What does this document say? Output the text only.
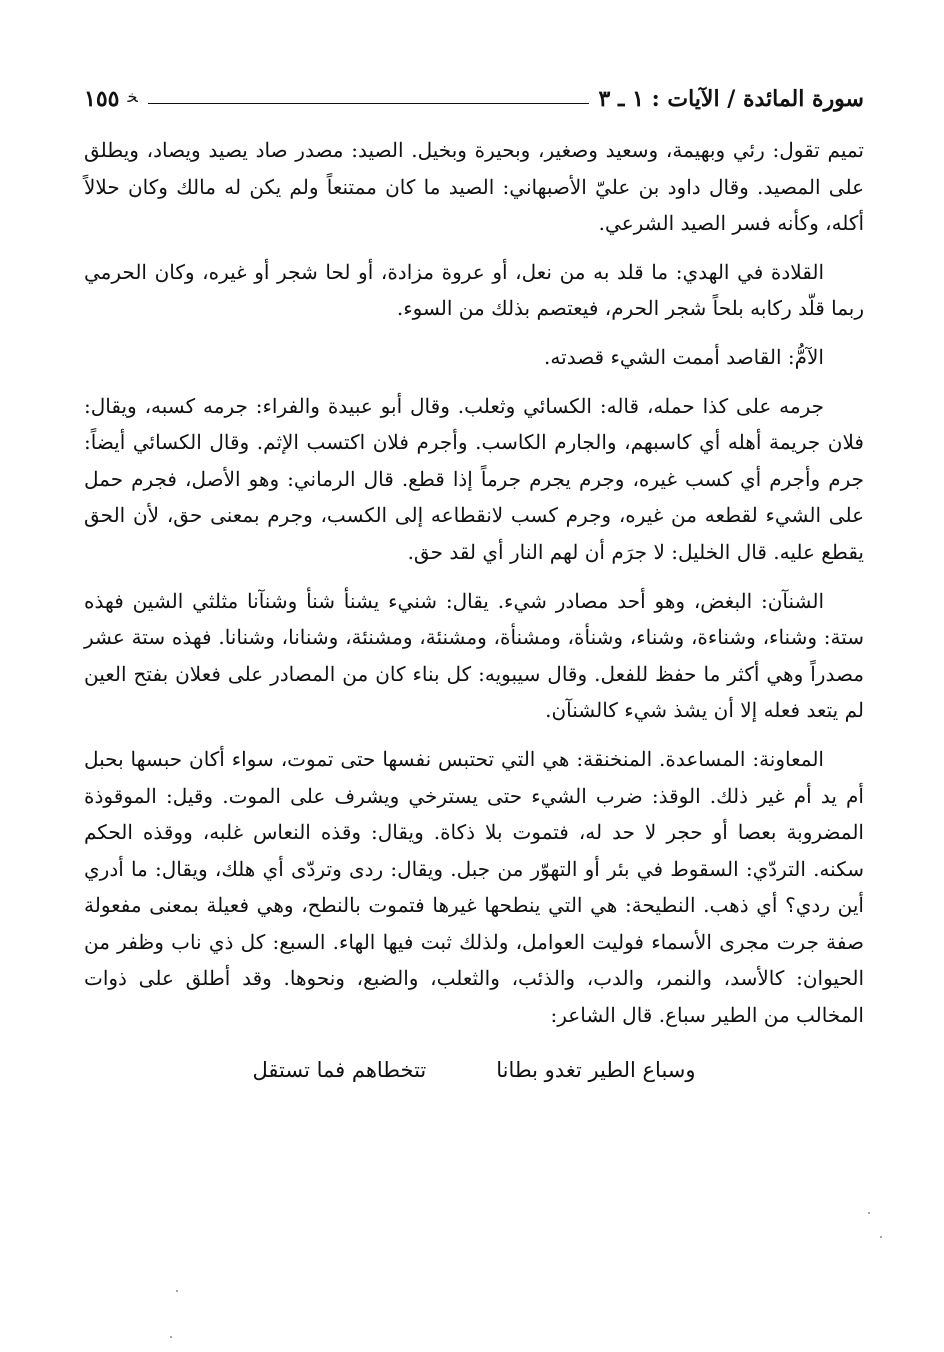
سورة المائدة / الآيات : ١ ـ ٣
ﺨ
١٥٥

تميم تقول: رئي وبهيمة، وسعيد وصغير، وبحيرة وبخيل. الصيد: مصدر صاد يصيد ويصاد، ويطلق على المصيد. وقال داود بن عليّ الأصبهاني: الصيد ما كان ممتنعاً ولم يكن له مالك وكان حلالاً أكله، وكأنه فسر الصيد الشرعي.

القلادة في الهدي: ما قلد به من نعل، أو عروة مزادة، أو لحا شجر أو غيره، وكان الحرمي ربما قلّد ركابه بلحاً شجر الحرم، فيعتصم بذلك من السوء.

الآمُّ: القاصد أممت الشيء قصدته.

جرمه على كذا حمله، قاله: الكسائي وثعلب. وقال أبو عبيدة والفراء: جرمه كسبه، ويقال: فلان جريمة أهله أي كاسبهم، والجارم الكاسب. وأجرم فلان اكتسب الإثم. وقال الكسائي أيضاً: جرم وأجرم أي كسب غيره، وجرم يجرم جرماً إذا قطع. قال الرماني: وهو الأصل، فجرم حمل على الشيء لقطعه من غيره، وجرم كسب لانقطاعه إلى الكسب، وجرم بمعنى حق، لأن الحق يقطع عليه. قال الخليل: لا جرَم أن لهم النار أي لقد حق.

الشنآن: البغض، وهو أحد مصادر شيء. يقال: شنيء يشنأ شنأ وشنآنا مثلثي الشين فهذه ستة: وشناء، وشناءة، وشناء، وشنأة، ومشنأة، ومشنئة، ومشنئة، وشنانا، وشنانا. فهذه ستة عشر مصدراً وهي أكثر ما حفظ للفعل. وقال سيبويه: كل بناء كان من المصادر على فعلان بفتح العين لم يتعد فعله إلا أن يشذ شيء كالشنآن.

المعاونة: المساعدة. المنخنقة: هي التي تحتبس نفسها حتى تموت، سواء أكان حبسها بحبل أم يد أم غير ذلك. الوقذ: ضرب الشيء حتى يسترخي ويشرف على الموت. وقيل: الموقوذة المضروبة بعصا أو حجر لا حد له، فتموت بلا ذكاة. ويقال: وقذه النعاس غلبه، ووقذه الحكم سكنه. التردّي: السقوط في بئر أو التهوّر من جبل. ويقال: ردى وتردّى أي هلك، ويقال: ما أدري أين ردي؟ أي ذهب. النطيحة: هي التي ينطحها غيرها فتموت بالنطح، وهي فعيلة بمعنى مفعولة صفة جرت مجرى الأسماء فوليت العوامل، ولذلك ثبت فيها الهاء. السبع: كل ذي ناب وظفر من الحيوان: كالأسد، والنمر، والدب، والذئب، والثعلب، والضبع، ونحوها. وقد أطلق على ذوات المخالب من الطير سباع. قال الشاعر:

وسباع الطير تغدو بطانا
تتخطاهم فما تستقل
